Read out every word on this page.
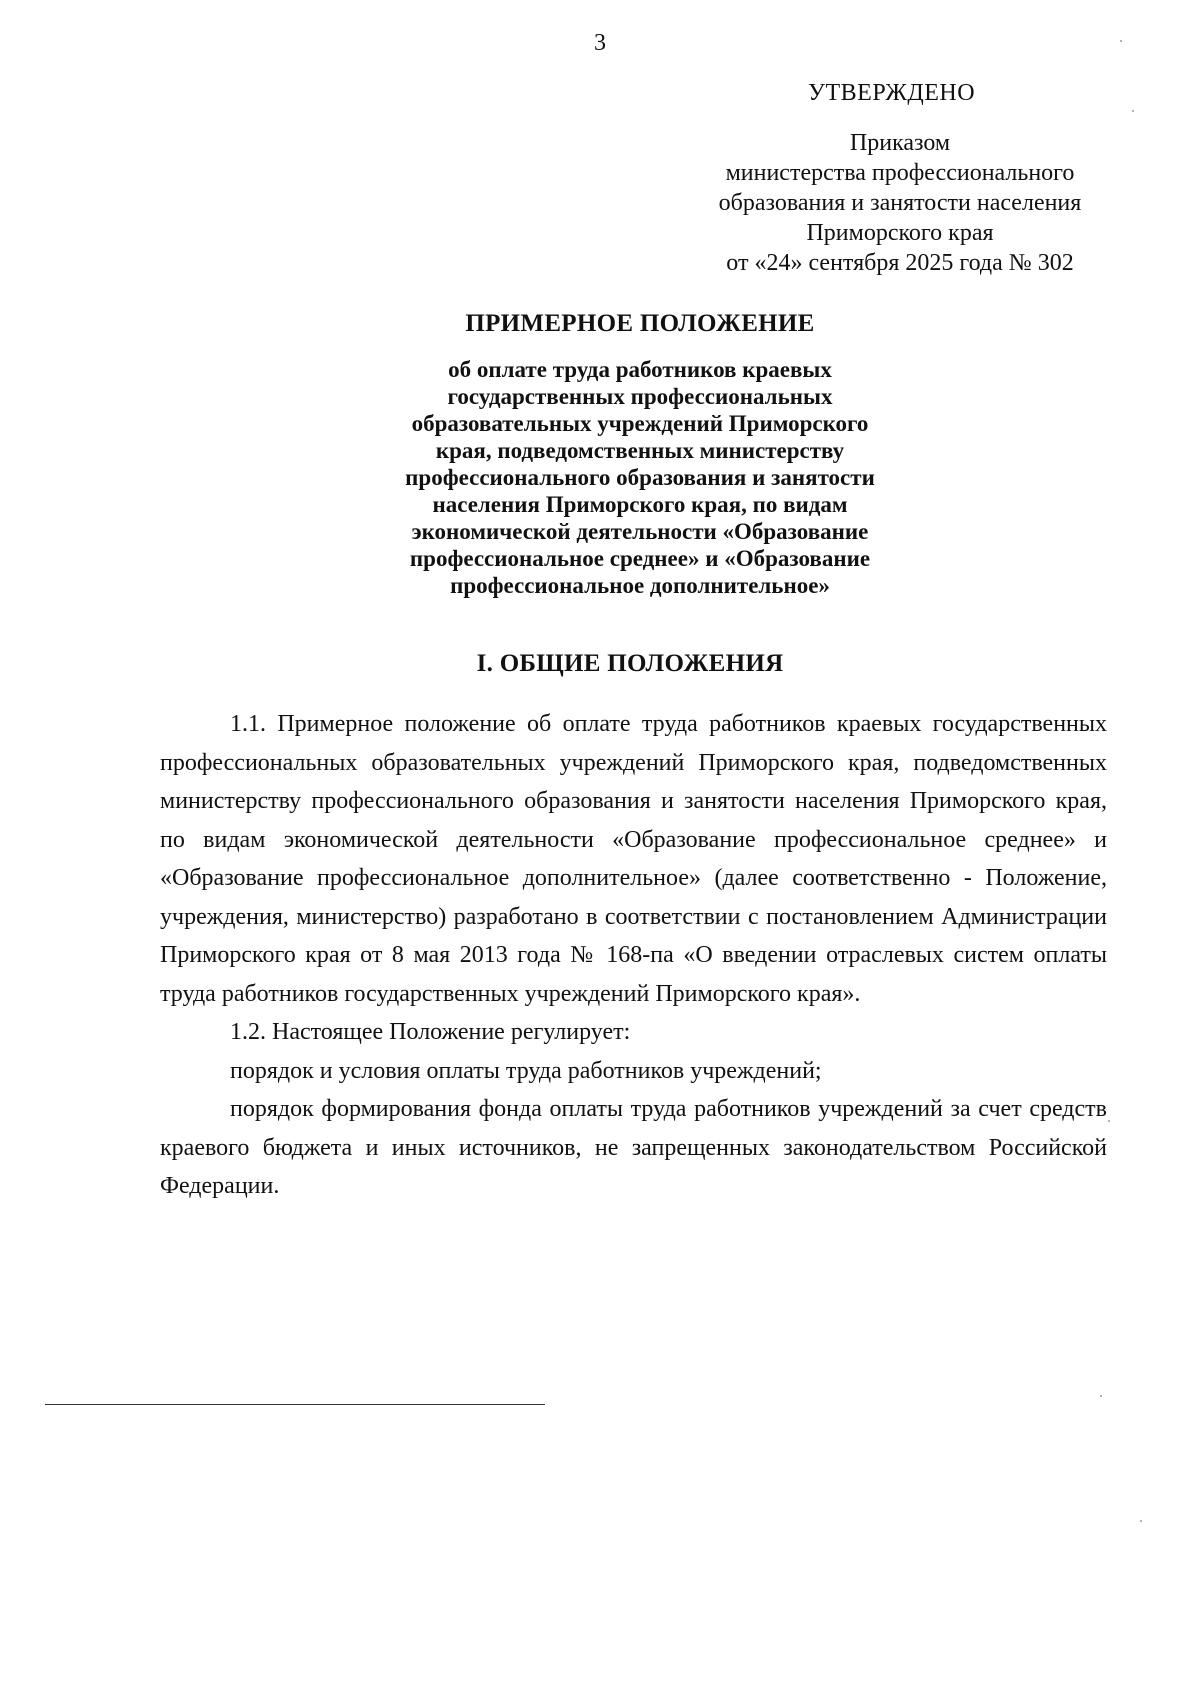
3
УТВЕРЖДЕНО
Приказом
министерства профессионального
образования и занятости населения
Приморского края
от «24» сентября 2025 года № 302
ПРИМЕРНОЕ ПОЛОЖЕНИЕ
об оплате труда работников краевых
государственных профессиональных
образовательных учреждений Приморского
края, подведомственных министерству
профессионального образования и занятости
населения Приморского края, по видам
экономической деятельности «Образование
профессиональное среднее» и «Образование
профессиональное дополнительное»
I. ОБЩИЕ ПОЛОЖЕНИЯ

1.1. Примерное положение об оплате труда работников краевых государственных профессиональных образовательных учреждений Приморского края, подведомственных министерству профессионального образования и занятости населения Приморского края, по видам экономической деятельности «Образование профессиональное среднее» и «Образование профессиональное дополнительное» (далее соответственно - Положение, учреждения, министерство) разработано в соответствии с постановлением Администрации Приморского края от 8 мая 2013 года № 168-па «О введении отраслевых систем оплаты труда работников государственных учреждений Приморского края».

1.2. Настоящее Положение регулирует:

порядок и условия оплаты труда работников учреждений;

порядок формирования фонда оплаты труда работников учреждений за счет средств краевого бюджета и иных источников, не запрещенных законодательством Российской Федерации.
